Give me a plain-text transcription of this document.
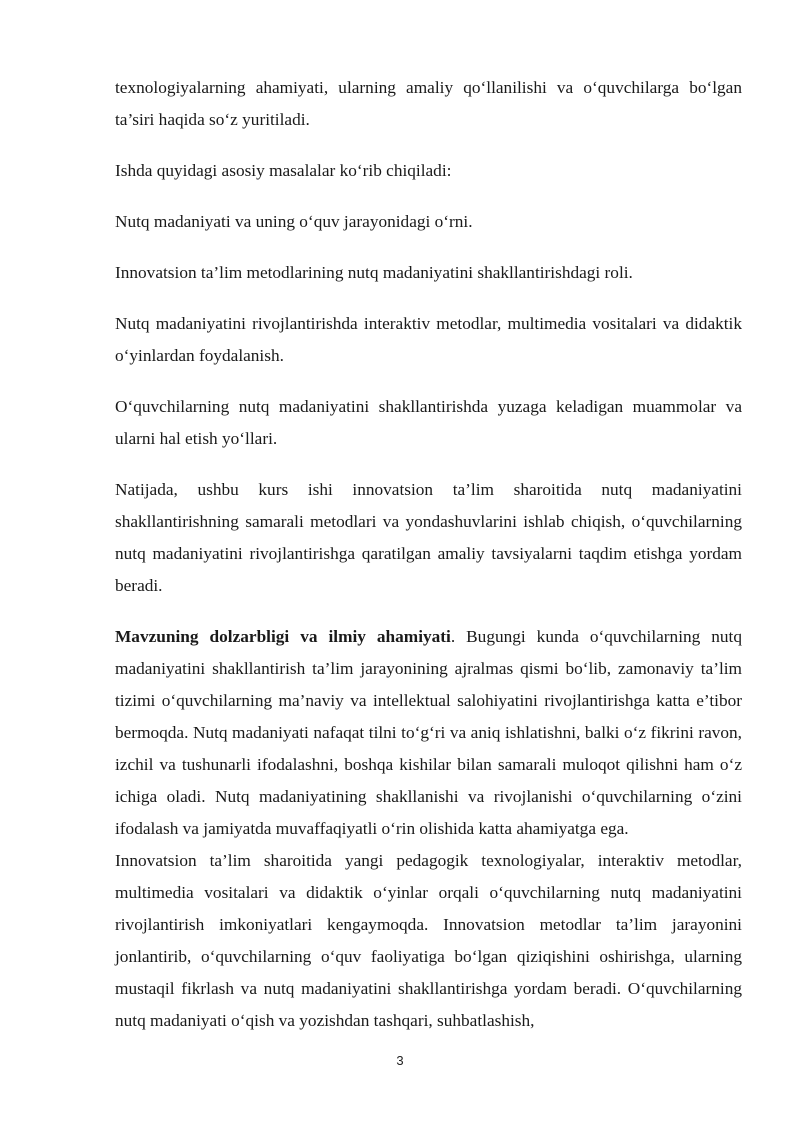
texnologiyalarning ahamiyati, ularning amaliy qo‘llanilishi va o‘quvchilarga bo‘lgan ta’siri haqida so‘z yuritiladi.

Ishda quyidagi asosiy masalalar ko‘rib chiqiladi:

Nutq madaniyati va uning o‘quv jarayonidagi o‘rni.

Innovatsion ta’lim metodlarining nutq madaniyatini shakllantirishdagi roli.

Nutq madaniyatini rivojlantirishda interaktiv metodlar, multimedia vositalari va didaktik o‘yinlardan foydalanish.

O‘quvchilarning nutq madaniyatini shakllantirishda yuzaga keladigan muammolar va ularni hal etish yo‘llari.

Natijada, ushbu kurs ishi innovatsion ta’lim sharoitida nutq madaniyatini shakllantirishning samarali metodlari va yondashuvlarini ishlab chiqish, o‘quvchilarning nutq madaniyatini rivojlantirishga qaratilgan amaliy tavsiyalarni taqdim etishga yordam beradi.

Mavzuning dolzarbligi va ilmiy ahamiyati. Bugungi kunda o‘quvchilarning nutq madaniyatini shakllantirish ta’lim jarayonining ajralmas qismi bo‘lib, zamonaviy ta’lim tizimi o‘quvchilarning ma’naviy va intellektual salohiyatini rivojlantirishga katta e’tibor bermoqda. Nutq madaniyati nafaqat tilni to‘g‘ri va aniq ishlatishni, balki o‘z fikrini ravon, izchil va tushunarli ifodalashni, boshqa kishilar bilan samarali muloqot qilishni ham o‘z ichiga oladi. Nutq madaniyatining shakllanishi va rivojlanishi o‘quvchilarning o‘zini ifodalash va jamiyatda muvaffaqiyatli o‘rin olishida katta ahamiyatga ega.

Innovatsion ta’lim sharoitida yangi pedagogik texnologiyalar, interaktiv metodlar, multimedia vositalari va didaktik o‘yinlar orqali o‘quvchilarning nutq madaniyatini rivojlantirish imkoniyatlari kengaymoqda. Innovatsion metodlar ta’lim jarayonini jonlantirib, o‘quvchilarning o‘quv faoliyatiga bo‘lgan qiziqishini oshirishga, ularning mustaqil fikrlash va nutq madaniyatini shakllantirishga yordam beradi. O‘quvchilarning nutq madaniyati o‘qish va yozishdan tashqari, suhbatlashish,

3
